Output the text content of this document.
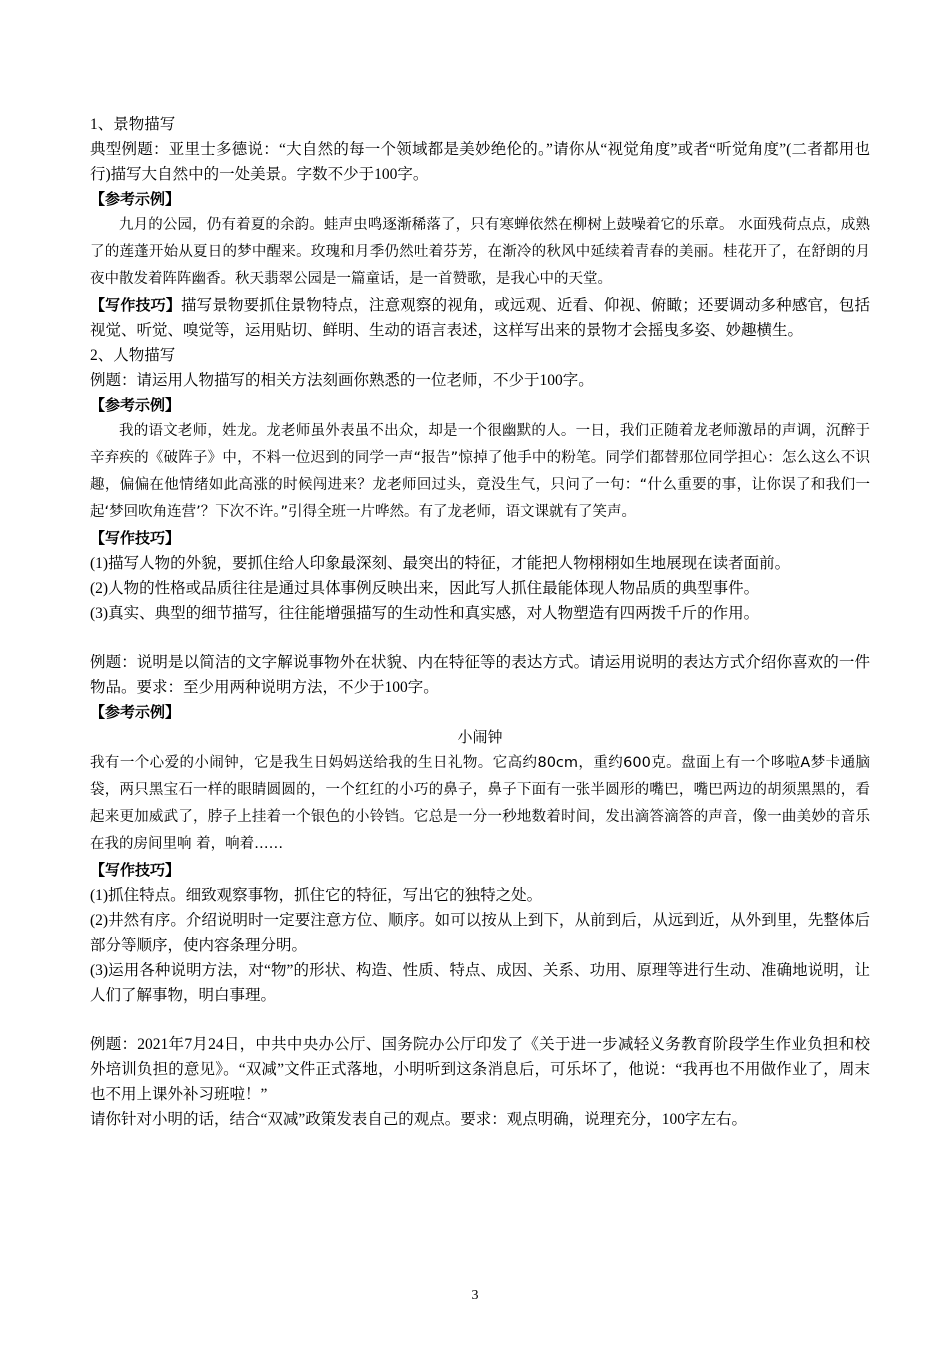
1、景物描写

典型例题：亚里士多德说：“大自然的每一个领域都是美妙绝伦的。”请你从“视觉角度”或者“听觉角度”(二者都用也行)描写大自然中的一处美景。字数不少于100字。

【参考示例】

九月的公园，仍有着夏的余韵。蛙声虫鸣逐渐稀落了，只有寒蝉依然在柳树上鼓噪着它的乐章。 水面残荷点点，成熟了的莲蓬开始从夏日的梦中醒来。玫瑰和月季仍然吐着芬芳，在渐冷的秋风中延续着青春的美丽。桂花开了，在舒朗的月夜中散发着阵阵幽香。秋天翡翠公园是一篇童话，是一首赞歌，是我心中的天堂。

【写作技巧】描写景物要抓住景物特点，注意观察的视角，或远观、近看、仰视、俯瞰；还要调动多种感官，包括视觉、听觉、嗅觉等，运用贴切、鲜明、生动的语言表述，这样写出来的景物才会摇曳多姿、妙趣横生。

2、人物描写

例题：请运用人物描写的相关方法刻画你熟悉的一位老师，不少于100字。

【参考示例】

我的语文老师，姓龙。龙老师虽外表虽不出众，却是一个很幽默的人。一日，我们正随着龙老师激昂的声调，沉醉于辛弃疾的《破阵子》中，不料一位迟到的同学一声“报告”惊掉了他手中的粉笔。同学们都替那位同学担心：怎么这么不识趣，偏偏在他情绪如此高涨的时候闯进来？龙老师回过头，竟没生气，只问了一句：“什么重要的事，让你误了和我们一起‘梦回吹角连营’？下次不许。”引得全班一片哗然。有了龙老师，语文课就有了笑声。

【写作技巧】

(1)描写人物的外貌，要抓住给人印象最深刻、最突出的特征，才能把人物栩栩如生地展现在读者面前。

(2)人物的性格或品质往往是通过具体事例反映出来，因此写人抓住最能体现人物品质的典型事件。

(3)真实、典型的细节描写，往往能增强描写的生动性和真实感，对人物塑造有四两拨千斤的作用。

例题：说明是以简洁的文字解说事物外在状貌、内在特征等的表达方式。请运用说明的表达方式介绍你喜欢的一件物品。要求：至少用两种说明方法，不少于100字。

【参考示例】

小闹钟

我有一个心爱的小闹钟，它是我生日妈妈送给我的生日礼物。它高约80cm，重约600克。盘面上有一个哆啦A梦卡通脑袋，两只黑宝石一样的眼睛圆圆的，一个红红的小巧的鼻子，鼻子下面有一张半圆形的嘴巴，嘴巴两边的胡须黑黑的，看起来更加威武了，脖子上挂着一个银色的小铃铛。它总是一分一秒地数着时间，发出滴答滴答的声音，像一曲美妙的音乐在我的房间里响 着，响着……

【写作技巧】

(1)抓住特点。细致观察事物，抓住它的特征，写出它的独特之处。

(2)井然有序。介绍说明时一定要注意方位、顺序。如可以按从上到下，从前到后，从远到近，从外到里，先整体后部分等顺序，使内容条理分明。

(3)运用各种说明方法，对“物”的形状、构造、性质、特点、成因、关系、功用、原理等进行生动、准确地说明，让人们了解事物，明白事理。

例题：2021年7月24日，中共中央办公厅、国务院办公厅印发了《关于进一步减轻义务教育阶段学生作业负担和校外培训负担的意见》。“双减”文件正式落地，小明听到这条消息后，可乐坏了，他说：“我再也不用做作业了，周末也不用上课外补习班啦！”

请你针对小明的话，结合“双减”政策发表自己的观点。要求：观点明确，说理充分，100字左右。

3
